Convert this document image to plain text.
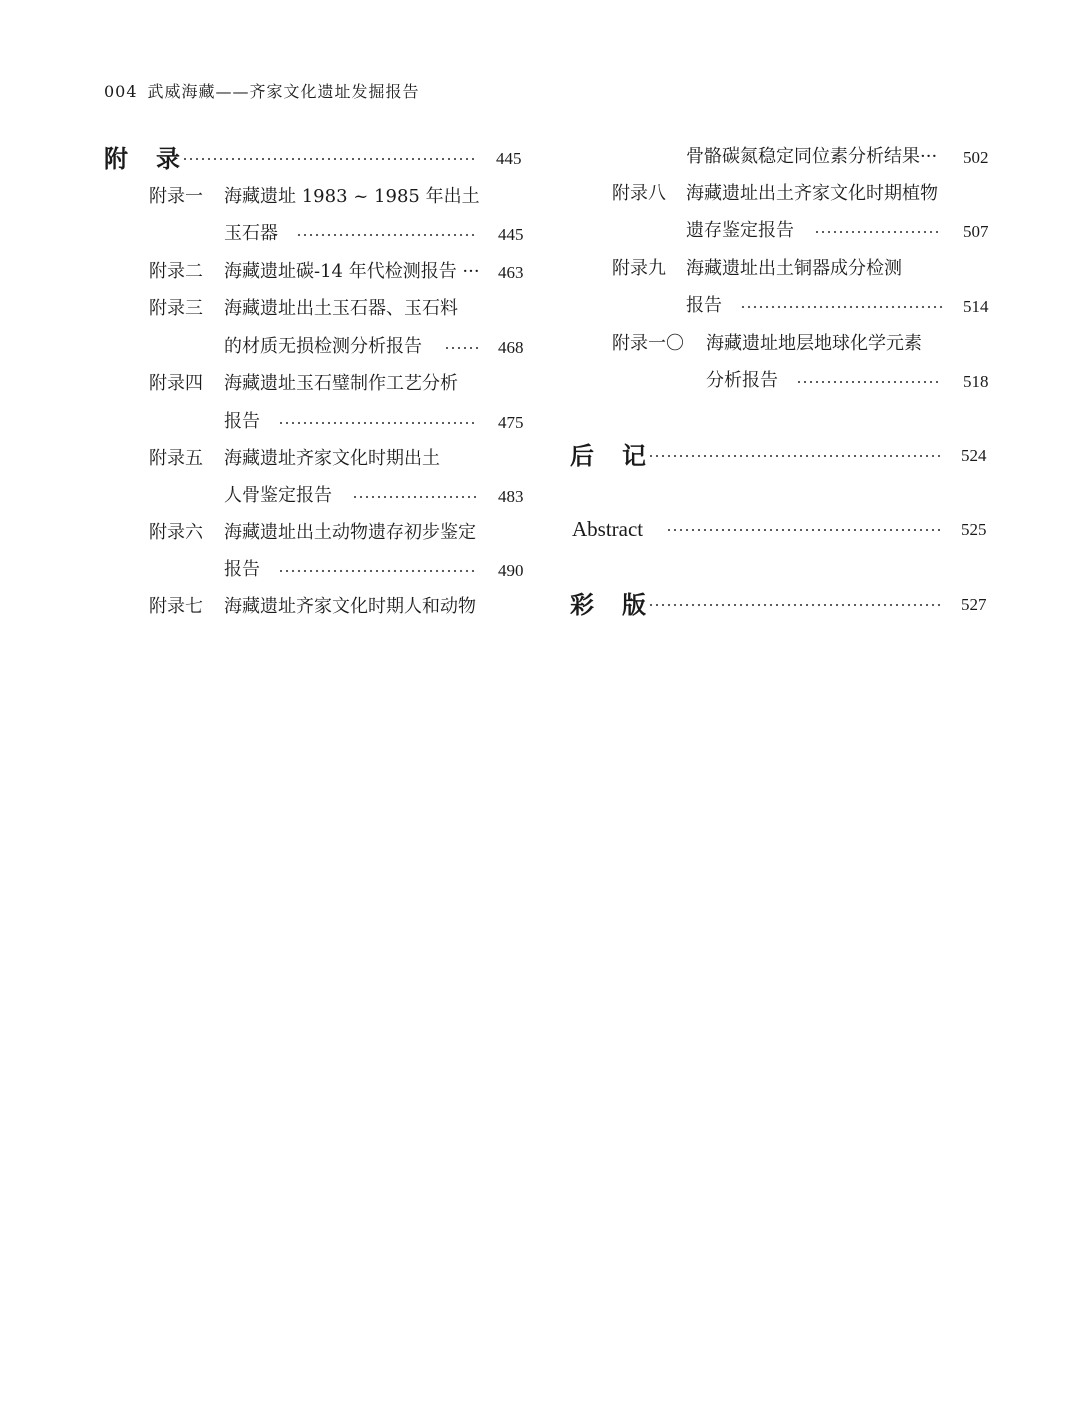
004 武威海藏——齐家文化遗址发掘报告
附　录	445
附录一 海藏遗址 1983 ~ 1985 年出土
玉石器	445
附录二 海藏遗址碳-14 年代检测报告 ··· 463
附录三 海藏遗址出土玉石器、玉石料
的材质无损检测分析报告	468
附录四 海藏遗址玉石璧制作工艺分析
报告	475
附录五 海藏遗址齐家文化时期出土
人骨鉴定报告	483
附录六 海藏遗址出土动物遗存初步鉴定
报告	490
附录七 海藏遗址齐家文化时期人和动物
骨骼碳氮稳定同位素分析结果··· 502
附录八 海藏遗址出土齐家文化时期植物
遗存鉴定报告	507
附录九 海藏遗址出土铜器成分检测
报告	514
附录一〇 海藏遗址地层地球化学元素
分析报告	518
后　记	524
Abstract	525
彩　版	527
